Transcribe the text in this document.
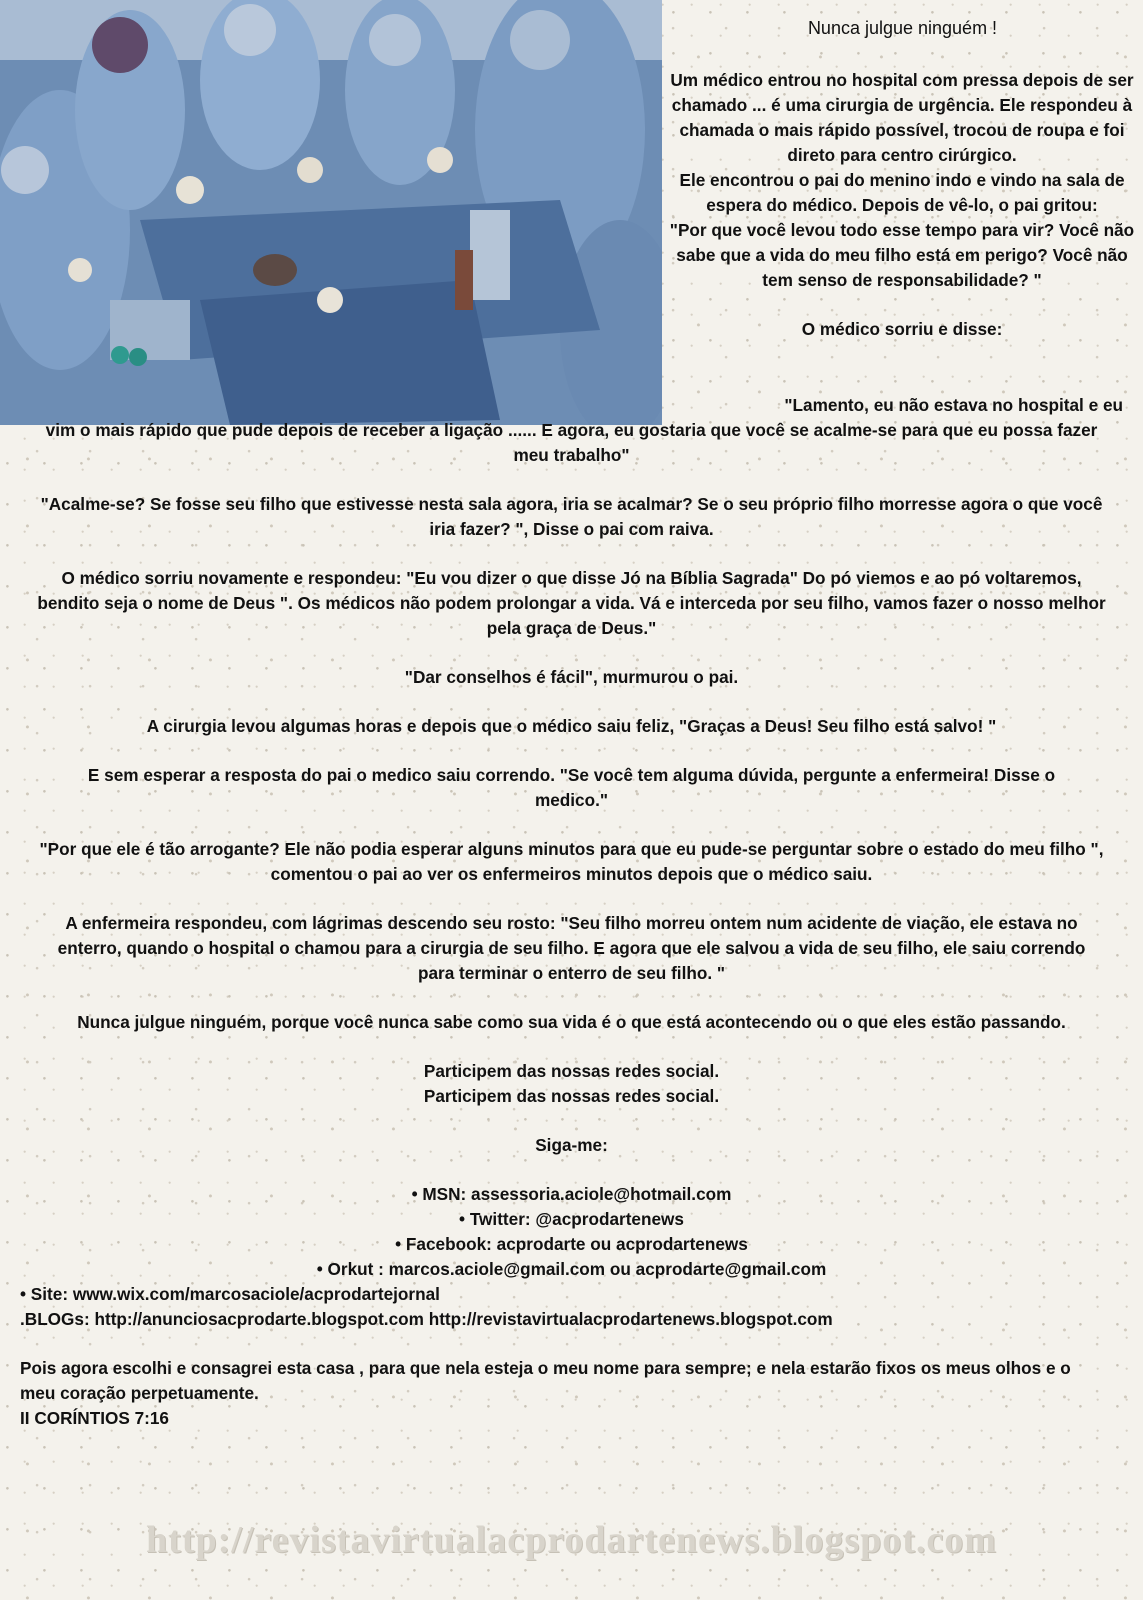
Nunca julgue ninguém !

Um médico entrou no hospital com pressa depois de ser chamado ... é uma cirurgia de urgência. Ele respondeu à chamada o mais rápido possível, trocou de roupa e foi direto para centro cirúrgico.

Ele encontrou o pai do menino indo e vindo na sala de espera do médico. Depois de vê-lo, o pai gritou:

"Por que você levou todo esse tempo para vir? Você não sabe que a vida do meu filho está em perigo? Você não tem senso de responsabilidade? "

O médico sorriu e disse:

"Lamento, eu não estava no hospital e eu

vim o mais rápido que pude depois de receber a ligação ...... E agora, eu gostaria que você se acalme-se para que eu possa fazer meu trabalho"

"Acalme-se? Se fosse seu filho que estivesse nesta sala agora, iria se acalmar? Se o seu próprio filho morresse agora o que você iria fazer? ", Disse o pai com raiva.

O médico sorriu novamente e respondeu: "Eu vou dizer o que disse Jó na Bíblia Sagrada" Do pó viemos e ao pó voltaremos, bendito seja o nome de Deus ". Os médicos não podem prolongar a vida. Vá e interceda por seu filho, vamos fazer o nosso melhor pela graça de Deus."

"Dar conselhos é fácil", murmurou o pai.

A cirurgia levou algumas horas e depois que o médico saiu feliz, "Graças a Deus! Seu filho está salvo! "

E sem esperar a resposta do pai o medico saiu correndo. "Se você tem alguma dúvida, pergunte a enfermeira! Disse o medico."

"Por que ele é tão arrogante? Ele não podia esperar alguns minutos para que eu pude-se perguntar sobre o estado do meu filho ", comentou o pai ao ver os enfermeiros minutos depois que o médico saiu.

A enfermeira respondeu, com lágrimas descendo seu rosto: "Seu filho morreu ontem num acidente de viação, ele estava no enterro, quando o hospital o chamou para a cirurgia de seu filho. E agora que ele salvou a vida de seu filho, ele saiu correndo para terminar o enterro de seu filho. "

Nunca julgue ninguém, porque você nunca sabe como sua vida é o que está acontecendo ou o que eles estão passando.

Participem das nossas redes social.

Participem das nossas redes social.

Siga-me:

• MSN: assessoria.aciole@hotmail.com

• Twitter: @acprodartenews

• Facebook: acprodarte ou acprodartenews

• Orkut : marcos.aciole@gmail.com ou acprodarte@gmail.com

• Site: www.wix.com/marcosaciole/acprodartejornal

.BLOGs: http://anunciosacprodarte.blogspot.com http://revistavirtualacprodartenews.blogspot.com

Pois agora escolhi e consagrei esta casa , para que nela esteja o meu nome para sempre; e nela estarão fixos os meus olhos e o meu coração perpetuamente.

II CORÍNTIOS 7:16

http://revistavirtualacprodartenews.blogspot.com
